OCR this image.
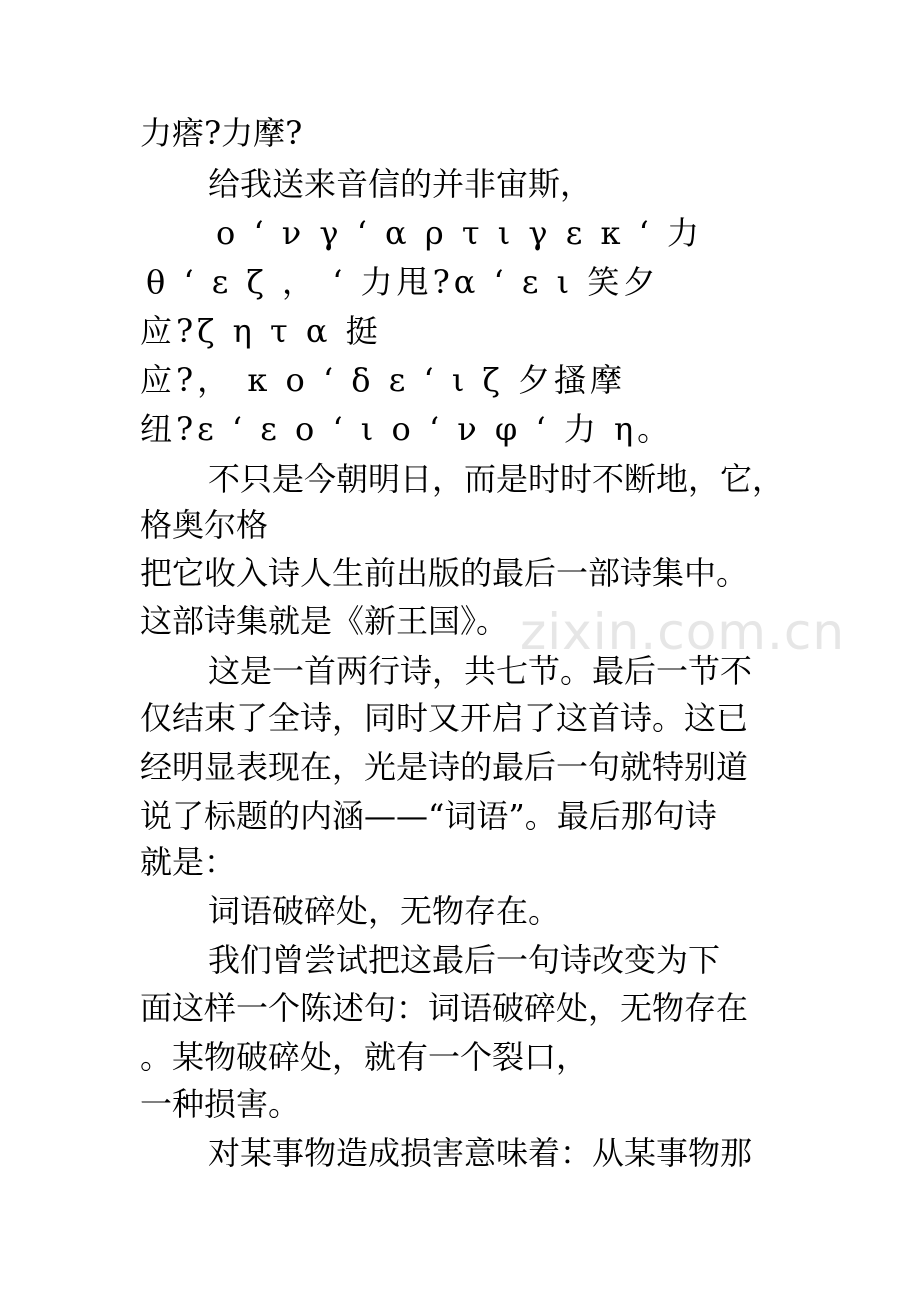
zixin.com.cn
力瘩?力摩?
给我送来音信的并非宙斯，
ο ‘ ν γ ‘ α ρ τ ι γ ε κ ‘ 力
θ ‘ ε ζ ， ‘ 力甩?α ‘ ε ι 笑夕
应?ζ η τ α 挺
应?， κ ο ‘ δ ε ‘ ι ζ 夕搔摩
纽?ε ‘ ε ο ‘ ι ο ‘ ν φ ‘ 力 η。
不只是今朝明日，而是时时不断地，它，
格奥尔格
把它收入诗人生前出版的最后一部诗集中。
这部诗集就是《新王国》。
这是一首两行诗，共七节。最后一节不
仅结束了全诗，同时又开启了这首诗。这已
经明显表现在，光是诗的最后一句就特别道
说了标题的内涵——“词语”。最后那句诗
就是：
词语破碎处，无物存在。
我们曾尝试把这最后一句诗改变为下
面这样一个陈述句：词语破碎处，无物存在
。某物破碎处，就有一个裂口，
一种损害。
对某事物造成损害意味着：从某事物那
